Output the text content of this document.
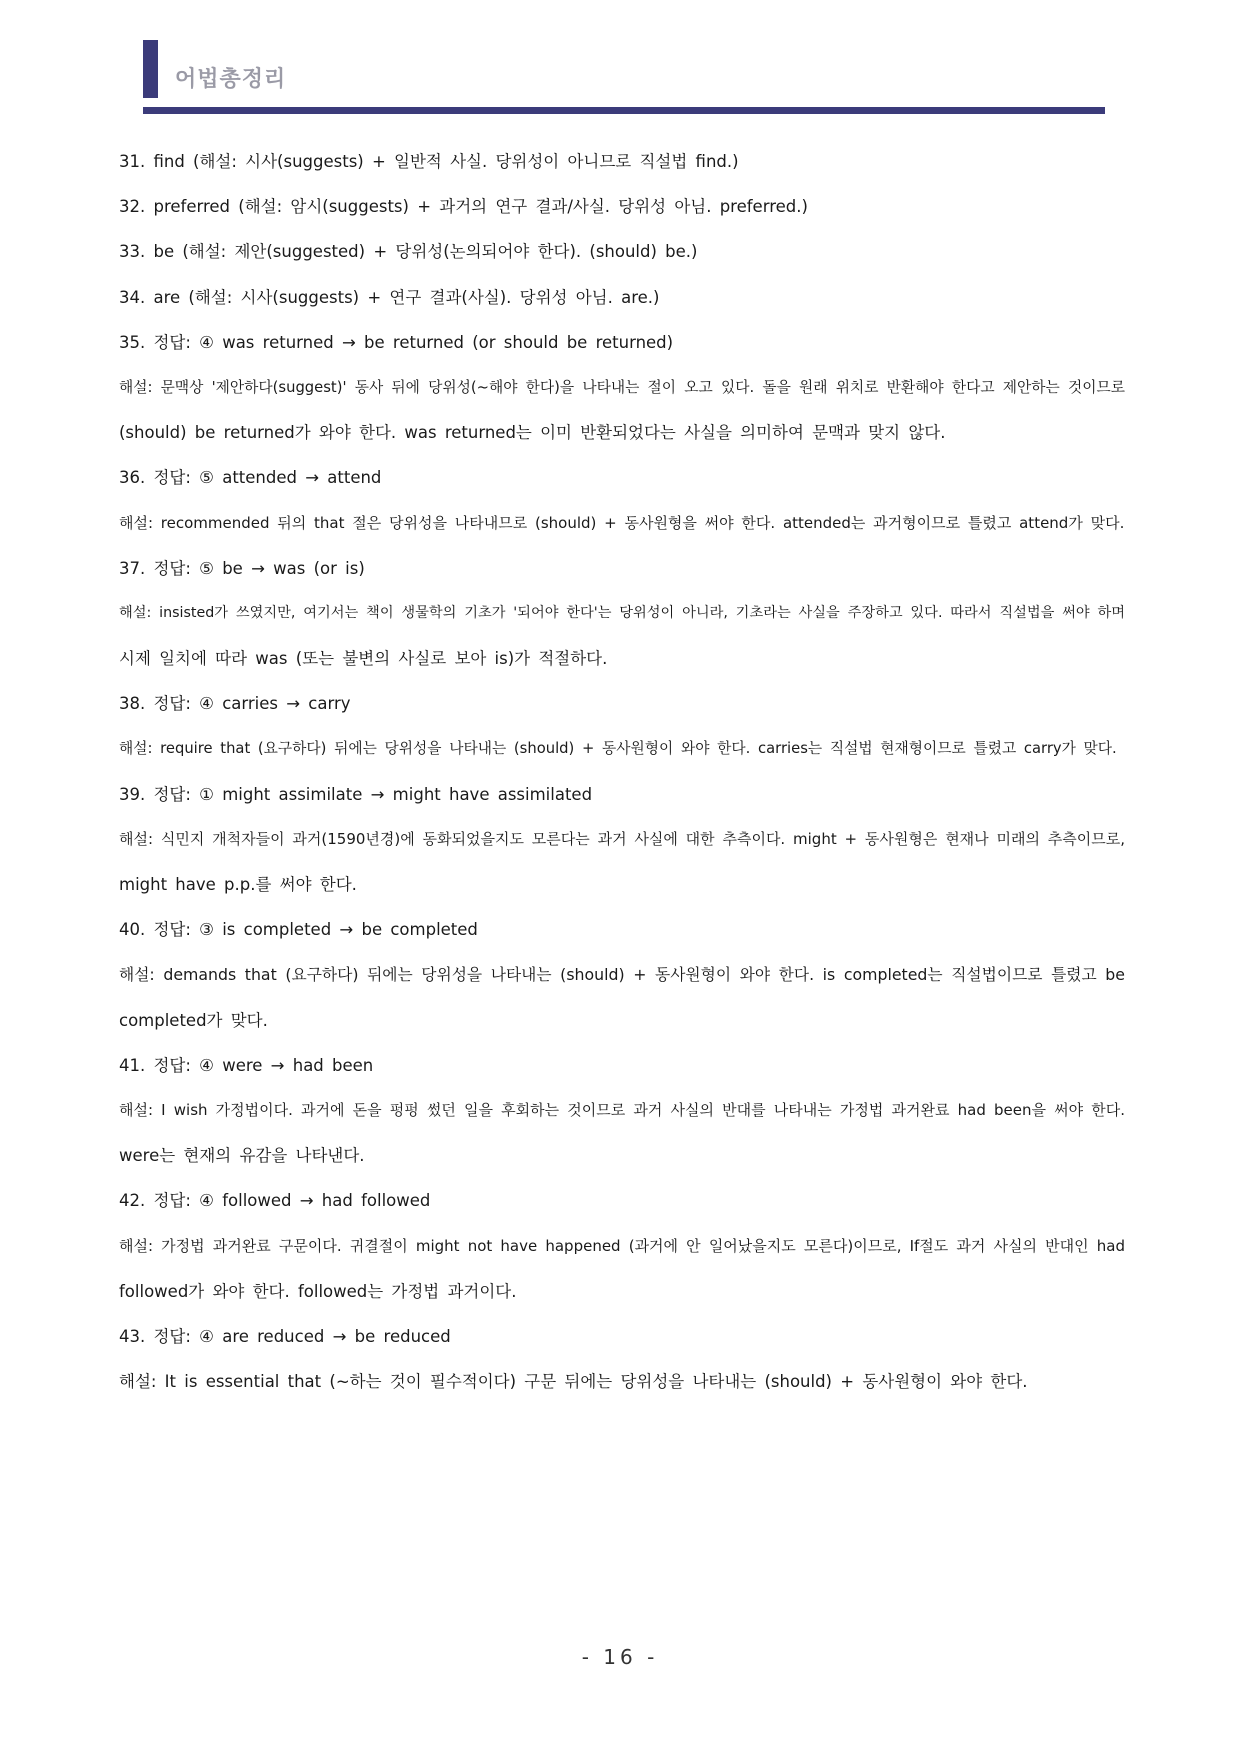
어법총정리
31. find (해설: 시사(suggests) + 일반적 사실. 당위성이 아니므로 직설법 find.)
32. preferred (해설: 암시(suggests) + 과거의 연구 결과/사실. 당위성 아님. preferred.)
33. be (해설: 제안(suggested) + 당위성(논의되어야 한다). (should) be.)
34. are (해설: 시사(suggests) + 연구 결과(사실). 당위성 아님. are.)
35. 정답: ④ was returned → be returned (or should be returned)
해설: 문맥상 '제안하다(suggest)' 동사 뒤에 당위성(~해야 한다)을 나타내는 절이 오고 있다. 돌을 원래 위치로 반환해야 한다고 제안하는 것이므로
(should) be returned가 와야 한다. was returned는 이미 반환되었다는 사실을 의미하여 문맥과 맞지 않다.
36. 정답: ⑤ attended → attend
해설: recommended 뒤의 that 절은 당위성을 나타내므로 (should) + 동사원형을 써야 한다. attended는 과거형이므로 틀렸고 attend가 맞다.
37. 정답: ⑤ be → was (or is)
해설: insisted가 쓰였지만, 여기서는 책이 생물학의 기초가 '되어야 한다'는 당위성이 아니라, 기초라는 사실을 주장하고 있다. 따라서 직설법을 써야 하며
시제 일치에 따라 was (또는 불변의 사실로 보아 is)가 적절하다.
38. 정답: ④ carries → carry
해설: require that (요구하다) 뒤에는 당위성을 나타내는 (should) + 동사원형이 와야 한다. carries는 직설법 현재형이므로 틀렸고 carry가 맞다.
39. 정답: ① might assimilate → might have assimilated
해설: 식민지 개척자들이 과거(1590년경)에 동화되었을지도 모른다는 과거 사실에 대한 추측이다. might + 동사원형은 현재나 미래의 추측이므로,
might have p.p.를 써야 한다.
40. 정답: ③ is completed → be completed
해설: demands that (요구하다) 뒤에는 당위성을 나타내는 (should) + 동사원형이 와야 한다. is completed는 직설법이므로 틀렸고 be
completed가 맞다.
41. 정답: ④ were → had been
해설: I wish 가정법이다. 과거에 돈을 펑펑 썼던 일을 후회하는 것이므로 과거 사실의 반대를 나타내는 가정법 과거완료 had been을 써야 한다.
were는 현재의 유감을 나타낸다.
42. 정답: ④ followed → had followed
해설: 가정법 과거완료 구문이다. 귀결절이 might not have happened (과거에 안 일어났을지도 모른다)이므로, If절도 과거 사실의 반대인 had
followed가 와야 한다. followed는 가정법 과거이다.
43. 정답: ④ are reduced → be reduced
해설: It is essential that (~하는 것이 필수적이다) 구문 뒤에는 당위성을 나타내는 (should) + 동사원형이 와야 한다.
- 16 -
